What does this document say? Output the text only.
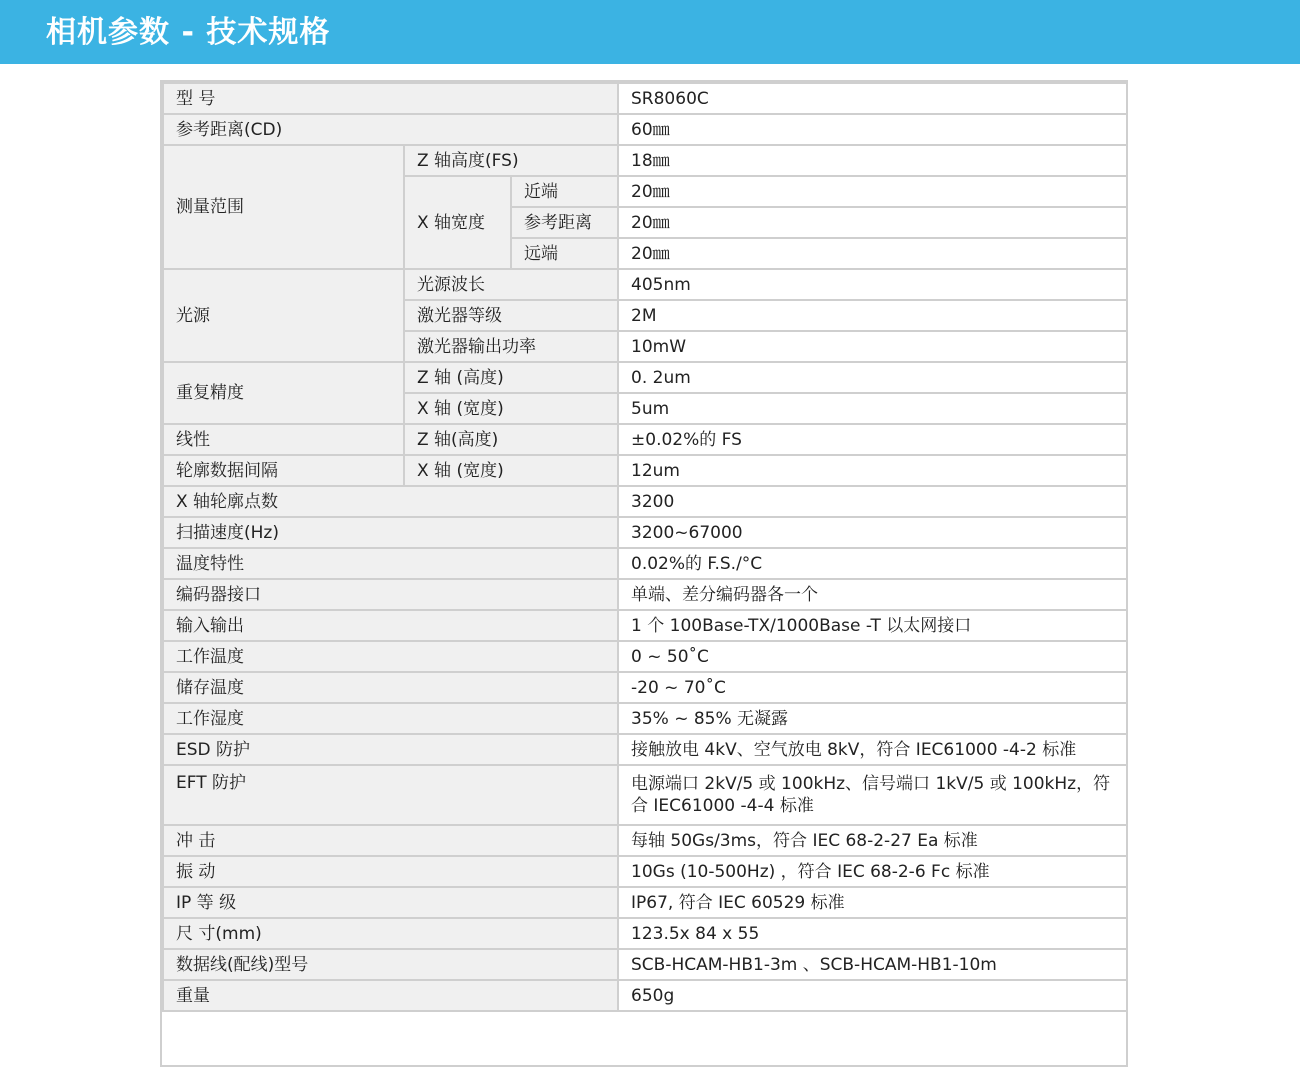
相机参数 - 技术规格
型 号			SR8060C
参考距离(CD)			60㎜
测量范围	Z 轴高度(FS)		18㎜
	X 轴宽度	近端	20㎜
		参考距离	20㎜
		远端	20㎜
光源	光源波长		405nm
	激光器等级		2M
	激光器输出功率		10mW
重复精度	Z 轴 (高度)		0. 2um
	X 轴 (宽度)		5um
线性	Z 轴(高度)		±0.02%的 FS
轮廓数据间隔	X 轴 (宽度)		12um
X 轴轮廓点数			3200
扫描速度(Hz)			3200~67000
温度特性			0.02%的 F.S./°C
编码器接口			单端、差分编码器各一个
输入输出			1 个 100Base-TX/1000Base -T 以太网接口
工作温度			0 ~ 50˚C
储存温度			-20 ~ 70˚C
工作湿度			35% ~ 85% 无凝露
ESD 防护			接触放电 4kV、空气放电 8kV，符合 IEC61000 -4-2 标准
EFT 防护			电源端口 2kV/5 或 100kHz、信号端口 1kV/5 或 100kHz，符合 IEC61000 -4-4 标准
冲 击			每轴 50Gs/3ms，符合 IEC 68-2-27 Ea 标准
振 动			10Gs (10-500Hz) ，符合 IEC 68-2-6 Fc 标准
IP 等 级			IP67, 符合 IEC 60529 标准
尺 寸(mm)			123.5x 84 x 55
数据线(配线)型号			SCB-HCAM-HB1-3m 、SCB-HCAM-HB1-10m
重量			650g
